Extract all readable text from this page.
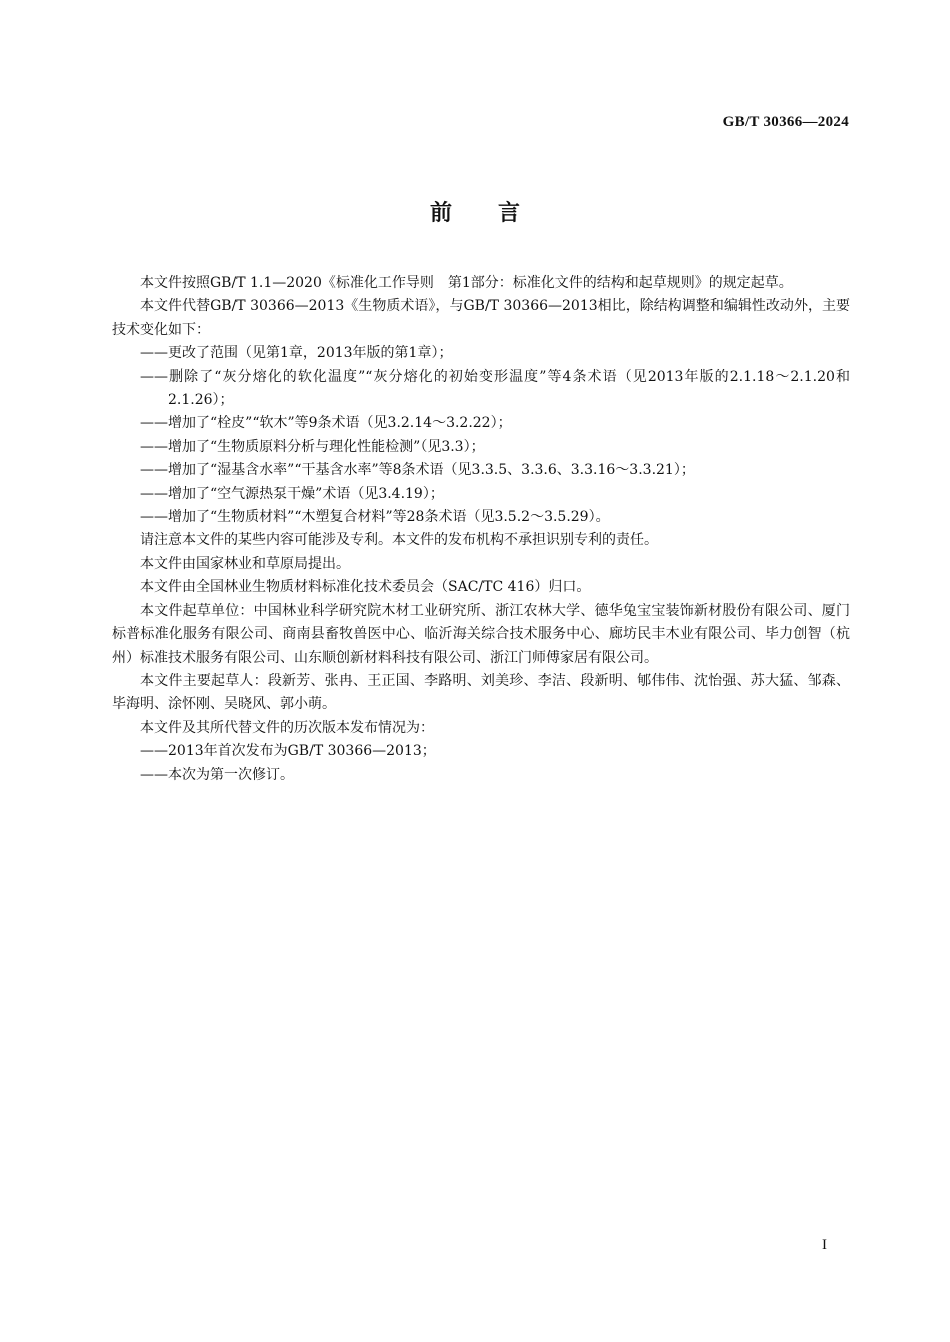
GB/T 30366—2024
前言

本文件按照GB/T 1.1—2020《标准化工作导则　第1部分：标准化文件的结构和起草规则》的规定起草。

本文件代替GB/T 30366—2013《生物质术语》，与GB/T 30366—2013相比，除结构调整和编辑性改动外，主要技术变化如下：

——更改了范围（见第1章，2013年版的第1章）；

——删除了“灰分熔化的软化温度”“灰分熔化的初始变形温度”等4条术语（见2013年版的2.1.18～2.1.20和2.1.26）；

——增加了“栓皮”“软木”等9条术语（见3.2.14～3.2.22）；

——增加了“生物质原料分析与理化性能检测”（见3.3）；

——增加了“湿基含水率”“干基含水率”等8条术语（见3.3.5、3.3.6、3.3.16～3.3.21）；

——增加了“空气源热泵干燥”术语（见3.4.19）；

——增加了“生物质材料”“木塑复合材料”等28条术语（见3.5.2～3.5.29）。

请注意本文件的某些内容可能涉及专利。本文件的发布机构不承担识别专利的责任。

本文件由国家林业和草原局提出。

本文件由全国林业生物质材料标准化技术委员会（SAC/TC 416）归口。

本文件起草单位：中国林业科学研究院木材工业研究所、浙江农林大学、德华兔宝宝装饰新材股份有限公司、厦门标普标准化服务有限公司、商南县畜牧兽医中心、临沂海关综合技术服务中心、廊坊民丰木业有限公司、毕力创智（杭州）标准技术服务有限公司、山东顺创新材料科技有限公司、浙江门师傅家居有限公司。

本文件主要起草人：段新芳、张冉、王正国、李路明、刘美珍、李洁、段新明、郇伟伟、沈怡强、苏大猛、邹森、毕海明、涂怀刚、吴晓风、郭小萌。

本文件及其所代替文件的历次版本发布情况为：

——2013年首次发布为GB/T 30366—2013；

——本次为第一次修订。

I
